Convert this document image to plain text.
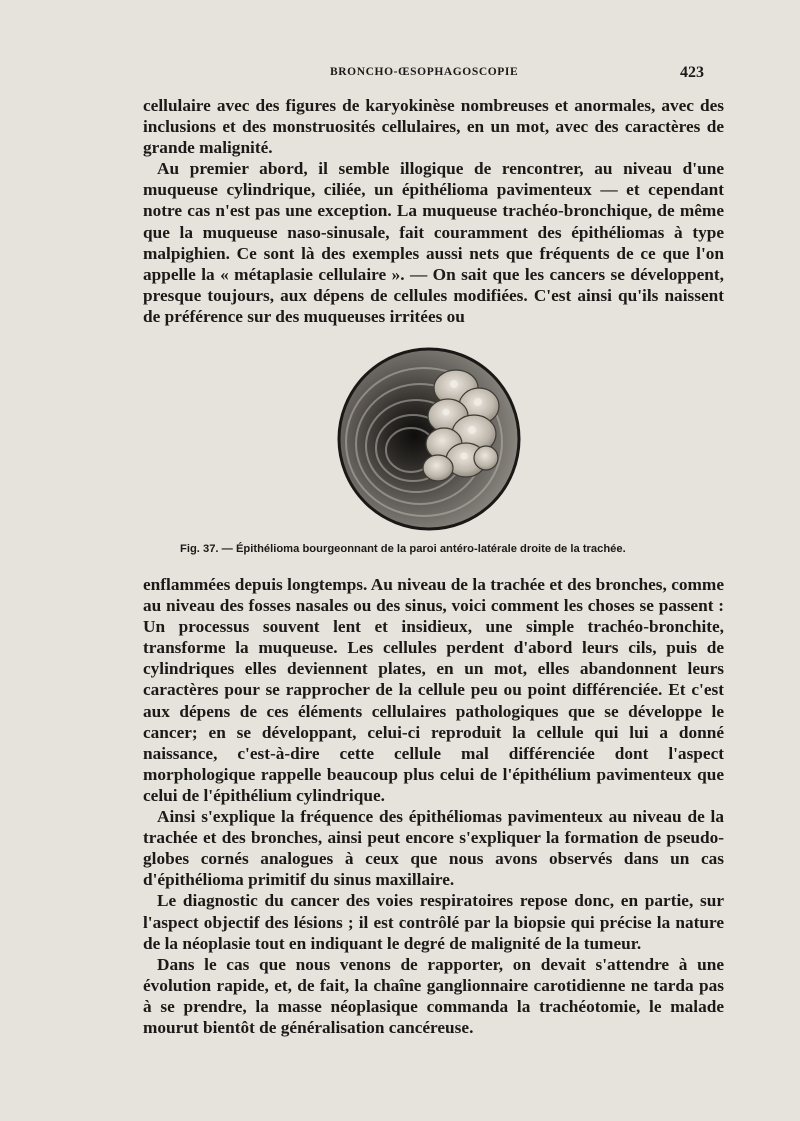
BRONCHO-ŒSOPHAGOSCOPIE	423

cellulaire avec des figures de karyokinèse nombreuses et anormales, avec des inclusions et des monstruosités cellulaires, en un mot, avec des caractères de grande malignité.

Au premier abord, il semble illogique de rencontrer, au niveau d'une muqueuse cylindrique, ciliée, un épithélioma pavimenteux — et cependant notre cas n'est pas une exception. La muqueuse trachéo-bronchique, de même que la muqueuse naso-sinusale, fait couramment des épithéliomas à type malpighien. Ce sont là des exemples aussi nets que fréquents de ce que l'on appelle la « métaplasie cellulaire ». — On sait que les cancers se développent, presque toujours, aux dépens de cellules modifiées. C'est ainsi qu'ils naissent de préférence sur des muqueuses irritées ou

Fig. 37. — Épithélioma bourgeonnant de la paroi antéro-latérale droite de la trachée.

enflammées depuis longtemps. Au niveau de la trachée et des bronches, comme au niveau des fosses nasales ou des sinus, voici comment les choses se passent : Un processus souvent lent et insidieux, une simple trachéo-bronchite, transforme la muqueuse. Les cellules perdent d'abord leurs cils, puis de cylindriques elles deviennent plates, en un mot, elles abandonnent leurs caractères pour se rapprocher de la cellule peu ou point différenciée. Et c'est aux dépens de ces éléments cellulaires pathologiques que se développe le cancer; en se développant, celui-ci reproduit la cellule qui lui a donné naissance, c'est-à-dire cette cellule mal différenciée dont l'aspect morphologique rappelle beaucoup plus celui de l'épithélium pavimenteux que celui de l'épithélium cylindrique.

Ainsi s'explique la fréquence des épithéliomas pavimenteux au niveau de la trachée et des bronches, ainsi peut encore s'expliquer la formation de pseudo-globes cornés analogues à ceux que nous avons observés dans un cas d'épithélioma primitif du sinus maxillaire.

Le diagnostic du cancer des voies respiratoires repose donc, en partie, sur l'aspect objectif des lésions ; il est contrôlé par la biopsie qui précise la nature de la néoplasie tout en indiquant le degré de malignité de la tumeur.

Dans le cas que nous venons de rapporter, on devait s'attendre à une évolution rapide, et, de fait, la chaîne ganglionnaire carotidienne ne tarda pas à se prendre, la masse néoplasique commanda la trachéotomie, le malade mourut bientôt de généralisation cancéreuse.
